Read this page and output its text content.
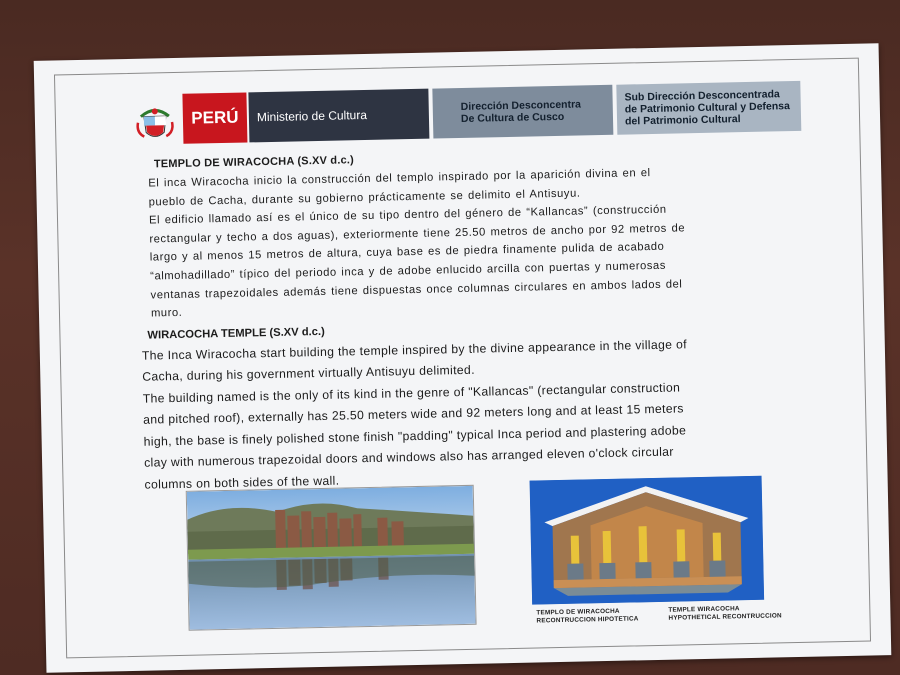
PERÚ	Ministerio de Cultura
Dirección Desconcentra
De Cultura de Cusco
Sub Dirección Desconcentrada
de Patrimonio Cultural y Defensa
del Patrimonio Cultural
TEMPLO DE WIRACOCHA (S.XV d.c.)
El inca Wiracocha inicio la construcción del templo inspirado por la aparición divina en el
pueblo de Cacha, durante su gobierno prácticamente se delimito el Antisuyu.
El edificio llamado así es el único de su tipo dentro del género de “Kallancas” (construcción
rectangular y techo a dos aguas), exteriormente tiene 25.50 metros de ancho por 92 metros de
largo y al menos 15 metros de altura, cuya base es de piedra finamente pulida de acabado
“almohadillado” típico del periodo inca y de adobe enlucido arcilla con puertas y numerosas
ventanas trapezoidales además tiene dispuestas once columnas circulares en ambos lados del
muro.
WIRACOCHA TEMPLE (S.XV d.c.)
The Inca Wiracocha start building the temple inspired by the divine appearance in the village of
Cacha, during his government virtually Antisuyu delimited.
The building named is the only of its kind in the genre of "Kallancas" (rectangular construction
and pitched roof), externally has 25.50 meters wide and 92 meters long and at least 15 meters
high, the base is finely polished stone finish "padding" typical Inca period and plastering adobe
clay with numerous trapezoidal doors and windows also has arranged eleven o'clock circular
columns on both sides of the wall.
TEMPLO DE WIRACOCHA
RECONTRUCCION HIPOTETICA
TEMPLE WIRACOCHA
HYPOTHETICAL RECONTRUCCION
